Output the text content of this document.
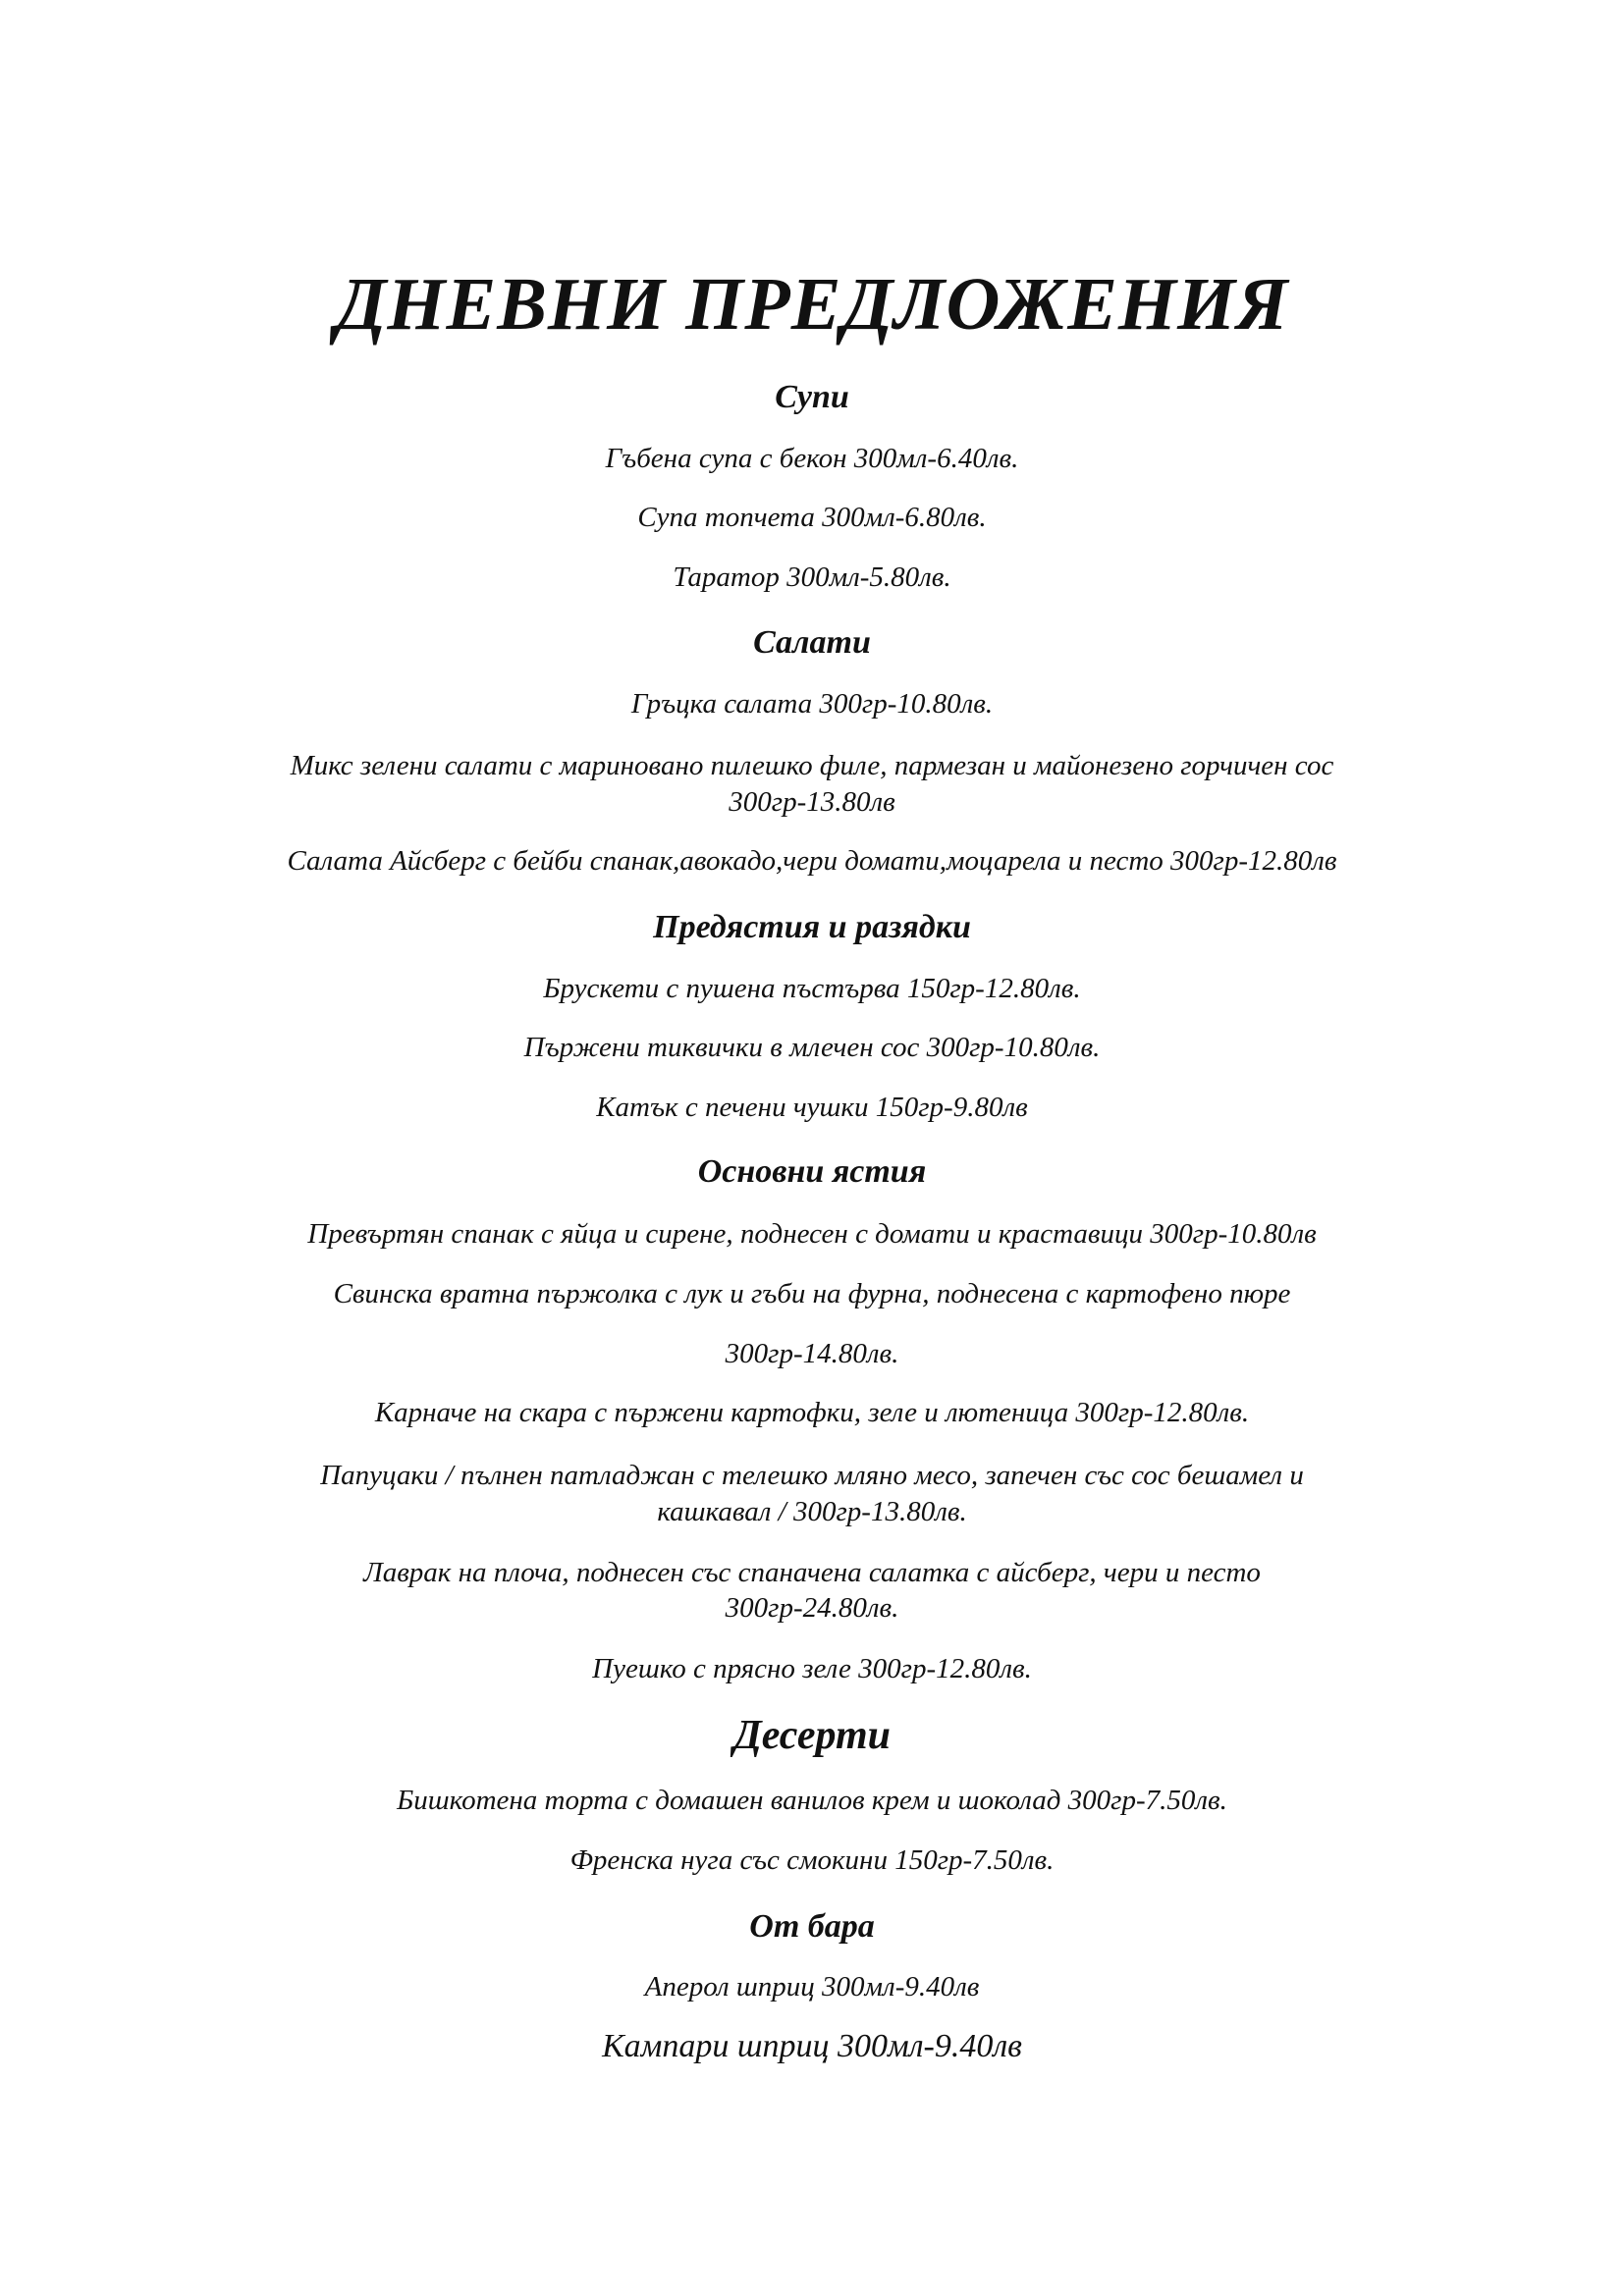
ДНЕВНИ ПРЕДЛОЖЕНИЯ
Супи
Гъбена супа с бекон 300мл-6.40лв.
Супа топчета 300мл-6.80лв.
Таратор 300мл-5.80лв.
Салати
Гръцка салата 300гр-10.80лв.
Микс зелени салати с мариновано пилешко филе, пармезан и майонезено горчичен сос
300гр-13.80лв
Салата Айсберг с бейби спанак,авокадо,чери домати,моцарела и песто 300гр-12.80лв
Предястия и разядки
Брускети с пушена пъстърва 150гр-12.80лв.
Пържени тиквички в млечен сос 300гр-10.80лв.
Катък с печени чушки 150гр-9.80лв
Основни ястия
Превъртян спанак с яйца и сирене, поднесен с домати и краставици 300гр-10.80лв
Свинска вратна пържолка с лук и гъби на фурна, поднесена с картофено пюре
300гр-14.80лв.
Карначе на скара с пържени картофки, зеле и лютеница 300гр-12.80лв.
Папуцаки / пълнен патладжан с телешко мляно месо, запечен със сос бешамел и
кашкавал / 300гр-13.80лв.
Лаврак на плоча, поднесен със спаначена салатка с айсберг, чери и песто
300гр-24.80лв.
Пуешко с прясно зеле 300гр-12.80лв.
Десерти
Бишкотена торта с домашен ванилов крем и шоколад 300гр-7.50лв.
Френска нуга със смокини 150гр-7.50лв.
От бара
Аперол шприц 300мл-9.40лв
Кампари шприц 300мл-9.40лв
